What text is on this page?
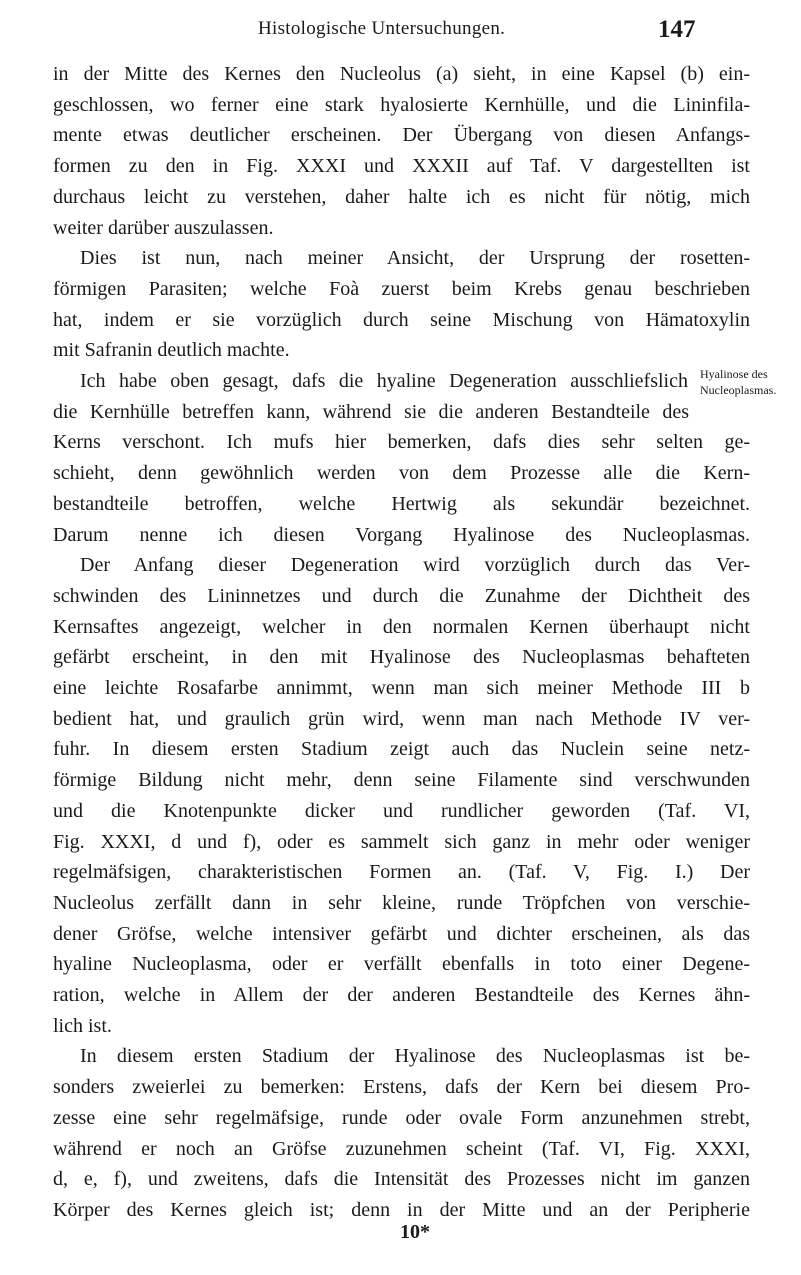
Histologische Untersuchungen.	147
in der Mitte des Kernes den Nucleolus (a) sieht, in eine Kapsel (b) ein-
geschlossen, wo ferner eine stark hyalosierte Kernhülle, und die Lininfila-
mente etwas deutlicher erscheinen. Der Übergang von diesen Anfangs-
formen zu den in Fig. XXXI und XXXII auf Taf. V dargestellten ist
durchaus leicht zu verstehen, daher halte ich es nicht für nötig, mich
weiter darüber auszulassen.
Dies ist nun, nach meiner Ansicht, der Ursprung der rosetten-
förmigen Parasiten; welche Foà zuerst beim Krebs genau beschrieben
hat, indem er sie vorzüglich durch seine Mischung von Hämatoxylin
mit Safranin deutlich machte.
Ich habe oben gesagt, dafs die hyaline Degeneration ausschliefslich Hyalinose des
Nucleoplasmas.
die Kernhülle betreffen kann, während sie die anderen Bestandteile des
Kerns verschont. Ich mufs hier bemerken, dafs dies sehr selten ge-
schieht, denn gewöhnlich werden von dem Prozesse alle die Kern-
bestandteile betroffen, welche Hertwig als sekundär bezeichnet.
Darum nenne ich diesen Vorgang Hyalinose des Nucleoplasmas.
Der Anfang dieser Degeneration wird vorzüglich durch das Ver-
schwinden des Lininnetzes und durch die Zunahme der Dichtheit des
Kernsaftes angezeigt, welcher in den normalen Kernen überhaupt nicht
gefärbt erscheint, in den mit Hyalinose des Nucleoplasmas behafteten
eine leichte Rosafarbe annimmt, wenn man sich meiner Methode III b
bedient hat, und graulich grün wird, wenn man nach Methode IV ver-
fuhr. In diesem ersten Stadium zeigt auch das Nuclein seine netz-
förmige Bildung nicht mehr, denn seine Filamente sind verschwunden
und die Knotenpunkte dicker und rundlicher geworden (Taf. VI,
Fig. XXXI, d und f), oder es sammelt sich ganz in mehr oder weniger
regelmäfsigen, charakteristischen Formen an. (Taf. V, Fig. I.) Der
Nucleolus zerfällt dann in sehr kleine, runde Tröpfchen von verschie-
dener Gröfse, welche intensiver gefärbt und dichter erscheinen, als das
hyaline Nucleoplasma, oder er verfällt ebenfalls in toto einer Degene-
ration, welche in Allem der der anderen Bestandteile des Kernes ähn-
lich ist.
In diesem ersten Stadium der Hyalinose des Nucleoplasmas ist be-
sonders zweierlei zu bemerken: Erstens, dafs der Kern bei diesem Pro-
zesse eine sehr regelmäfsige, runde oder ovale Form anzunehmen strebt,
während er noch an Gröfse zuzunehmen scheint (Taf. VI, Fig. XXXI,
d, e, f), und zweitens, dafs die Intensität des Prozesses nicht im ganzen
Körper des Kernes gleich ist; denn in der Mitte und an der Peripherie
10*
